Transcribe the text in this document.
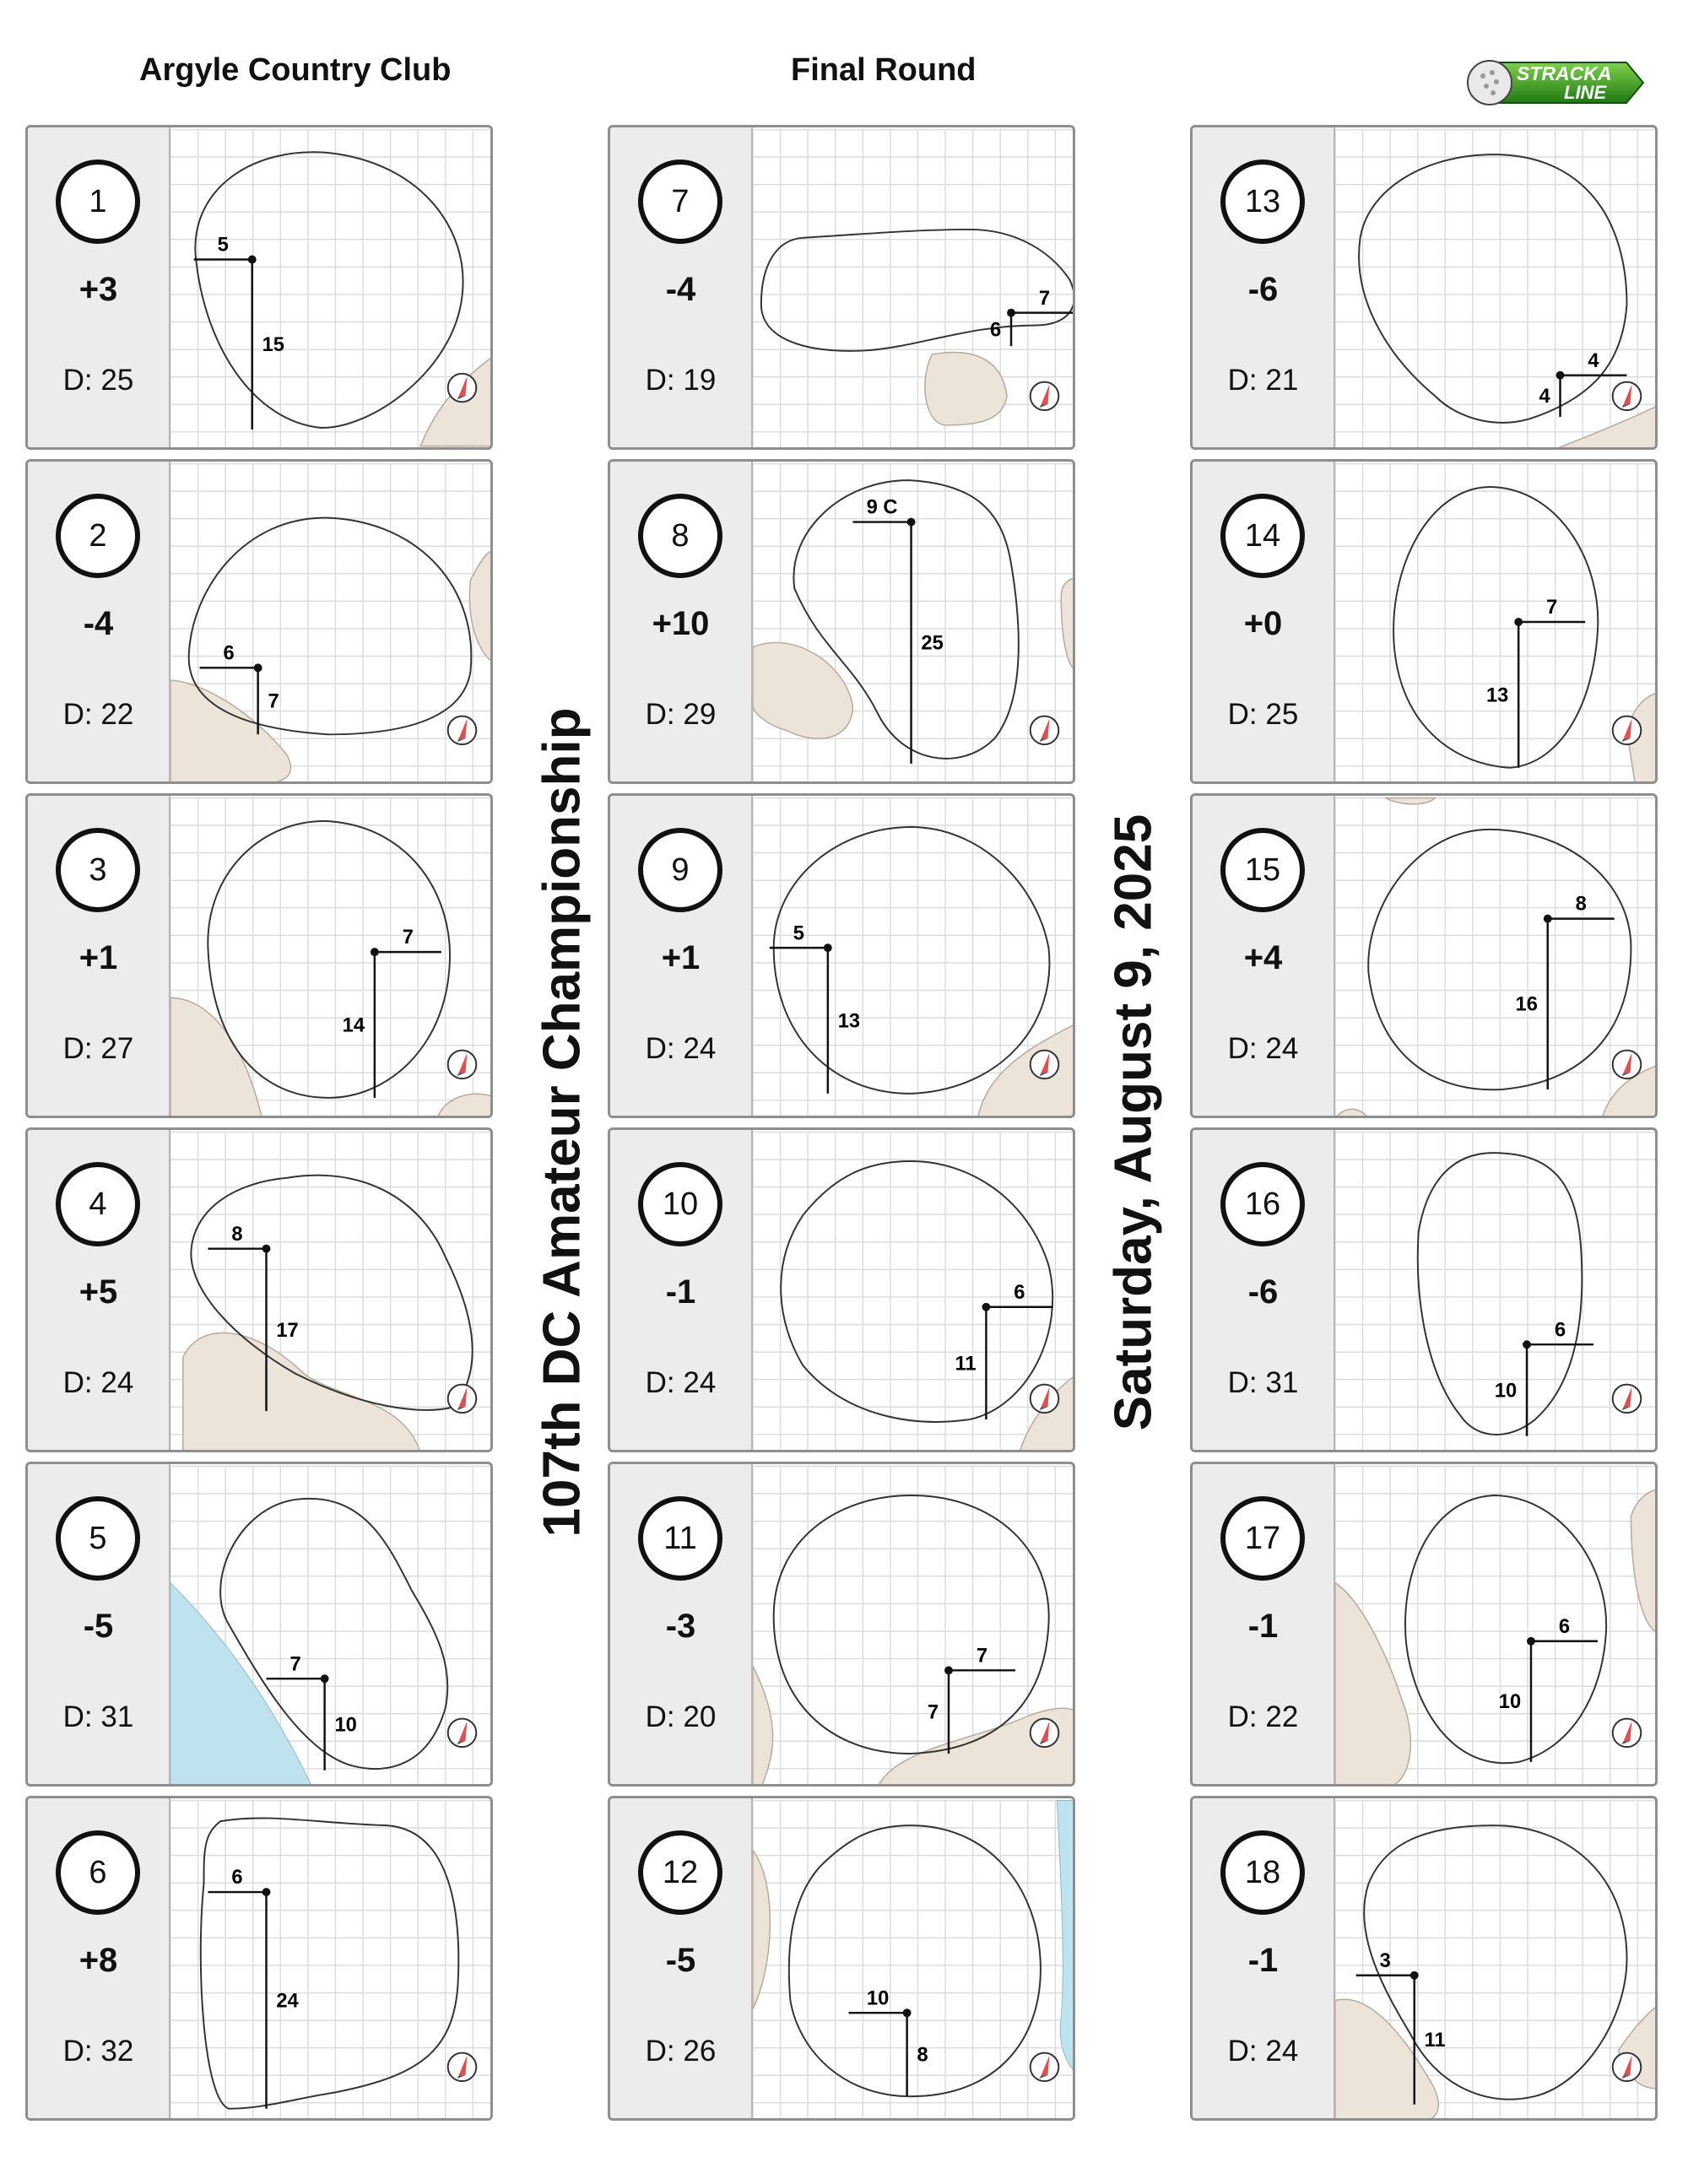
Argyle Country Club	Final Round	STRACKA
LINE
1
+3
D: 25
5
15
2
-4
D: 22
6
7
3
+1
D: 27
7
14
4
+5
D: 24
8
17
5
-5
D: 31
7
10
6
+8
D: 32
6
24
7
-4
D: 19
7
6
8
+10
D: 29
9 C
25
9
+1
D: 24
5
13
10
-1
D: 24
6
11
11
-3
D: 20
7
7
12
-5
D: 26
10
8
13
-6
D: 21
4
4
14
+0
D: 25
7
13
15
+4
D: 24
8
16
16
-6
D: 31
6
10
17
-1
D: 22
6
10
18
-1
D: 24
3
11
107th DC Amateur Championship	Saturday, August 9, 2025
